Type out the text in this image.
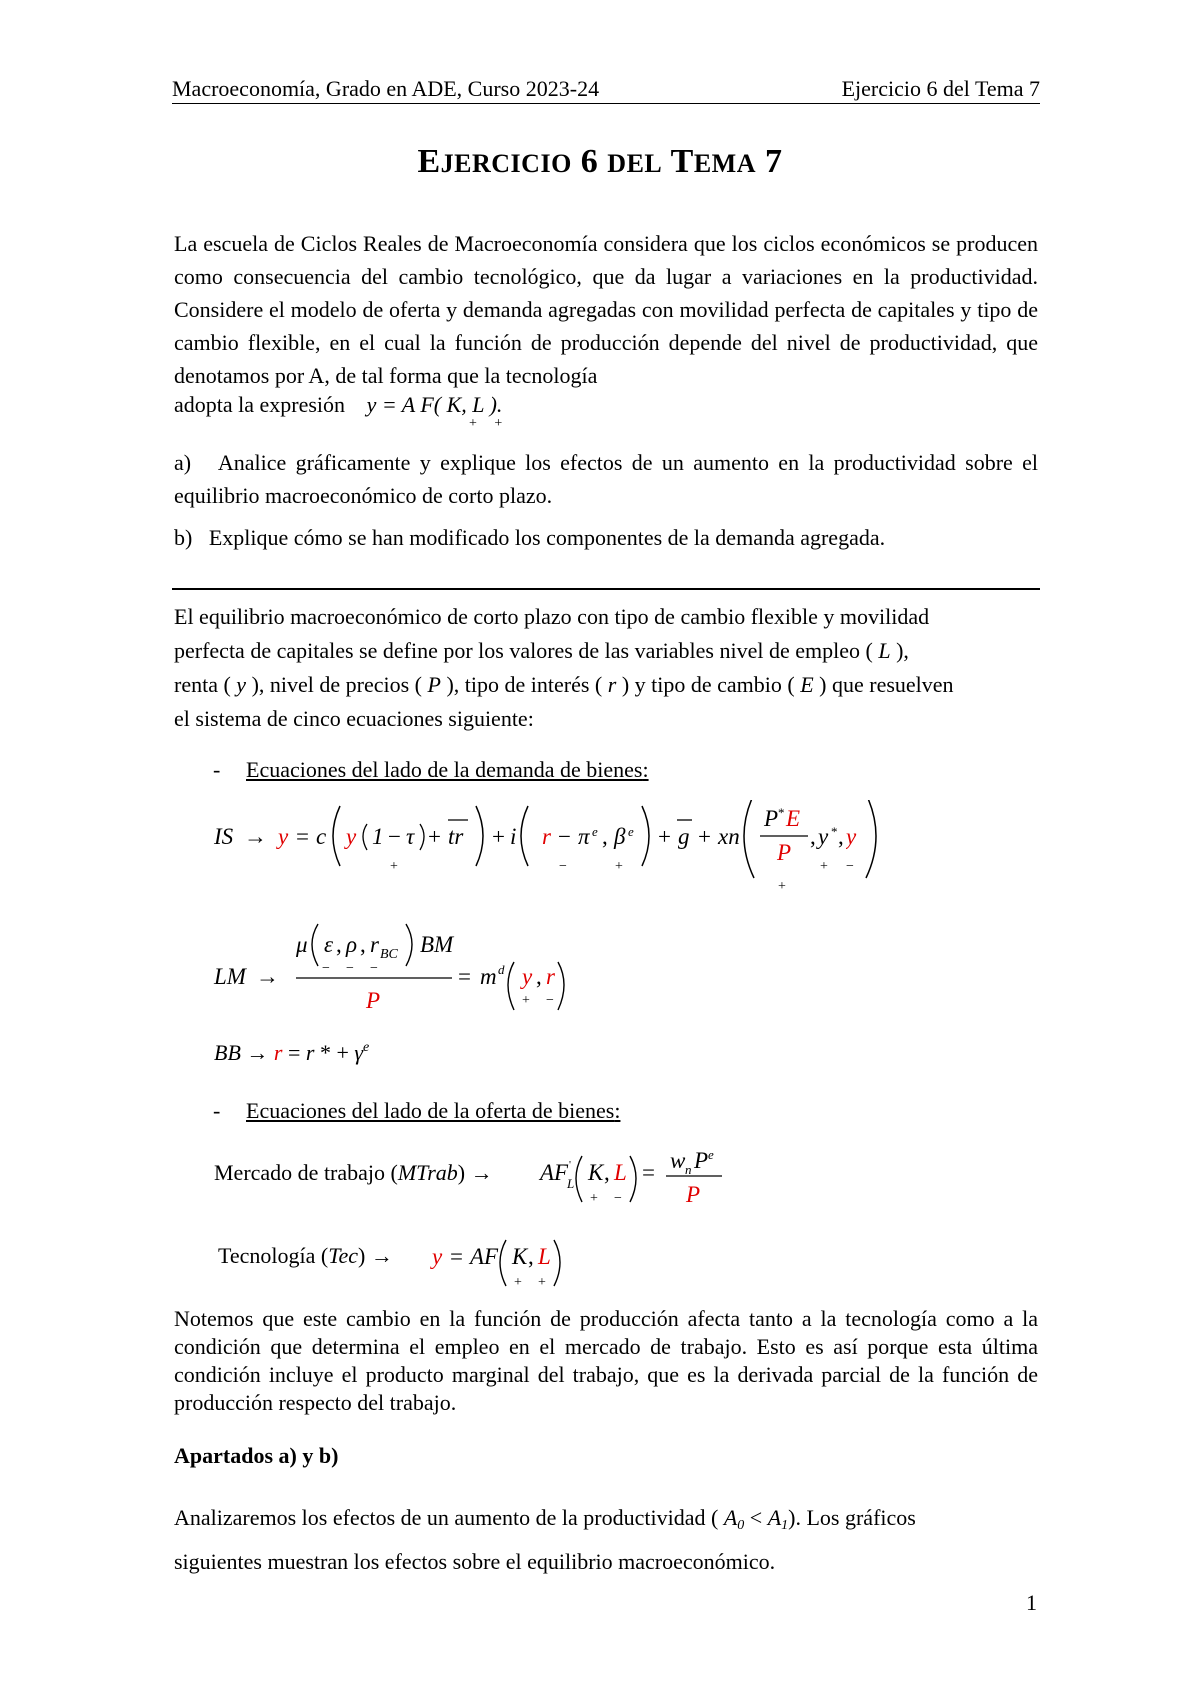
Macroeconomía, Grado en ADE, Curso 2023-24	Ejercicio 6 del Tema 7
EJERCICIO 6 DEL TEMA 7

La escuela de Ciclos Reales de Macroeconomía considera que los ciclos económicos se producen como consecuencia del cambio tecnológico, que da lugar a variaciones en la productividad. Considere el modelo de oferta y demanda agregadas con movilidad perfecta de capitales y tipo de cambio flexible, en el cual la función de producción depende del nivel de productividad, que denotamos por A, de tal forma que la tecnología

adopta la expresión y = A F( K, L ).
+     +

a) Analice gráficamente y explique los efectos de un aumento en la productividad sobre el equilibrio macroeconómico de corto plazo.

b) Explique cómo se han modificado los componentes de la demanda agregada.

El equilibrio macroeconómico de corto plazo con tipo de cambio flexible y movilidad

perfecta de capitales se define por los valores de las variables nivel de empleo ( L ),

renta ( y ), nivel de precios ( P ), tipo de interés ( r ) y tipo de cambio ( E ) que resuelven

el sistema de cinco ecuaciones siguiente:

- Ecuaciones del lado de la demanda de bienes:
IS → y = c y 1 − τ + tr + i r − π e , β e + g + xn
P * E
P
, y * ,
+	−	+
+
+
y
−
LM →
μ ε , ρ , r BC BM
P
= m d y , r
− − −
+ −
BB → r = r * + $\gamma^e$
- Ecuaciones del lado de la oferta de bienes:
Mercado de trabajo (MTrab) → AF
L
' K , L = w n P e
P
+ −
Tecnología (Tec) → y = AF K , L
+ +

Notemos que este cambio en la función de producción afecta tanto a la tecnología como a la condición que determina el empleo en el mercado de trabajo. Esto es así porque esta última condición incluye el producto marginal del trabajo, que es la derivada parcial de la función de producción respecto del trabajo.

Apartados a) y b)

Analizaremos los efectos de un aumento de la productividad ( $A_0 < A_1$). Los gráficos

siguientes muestran los efectos sobre el equilibrio macroeconómico.

1
